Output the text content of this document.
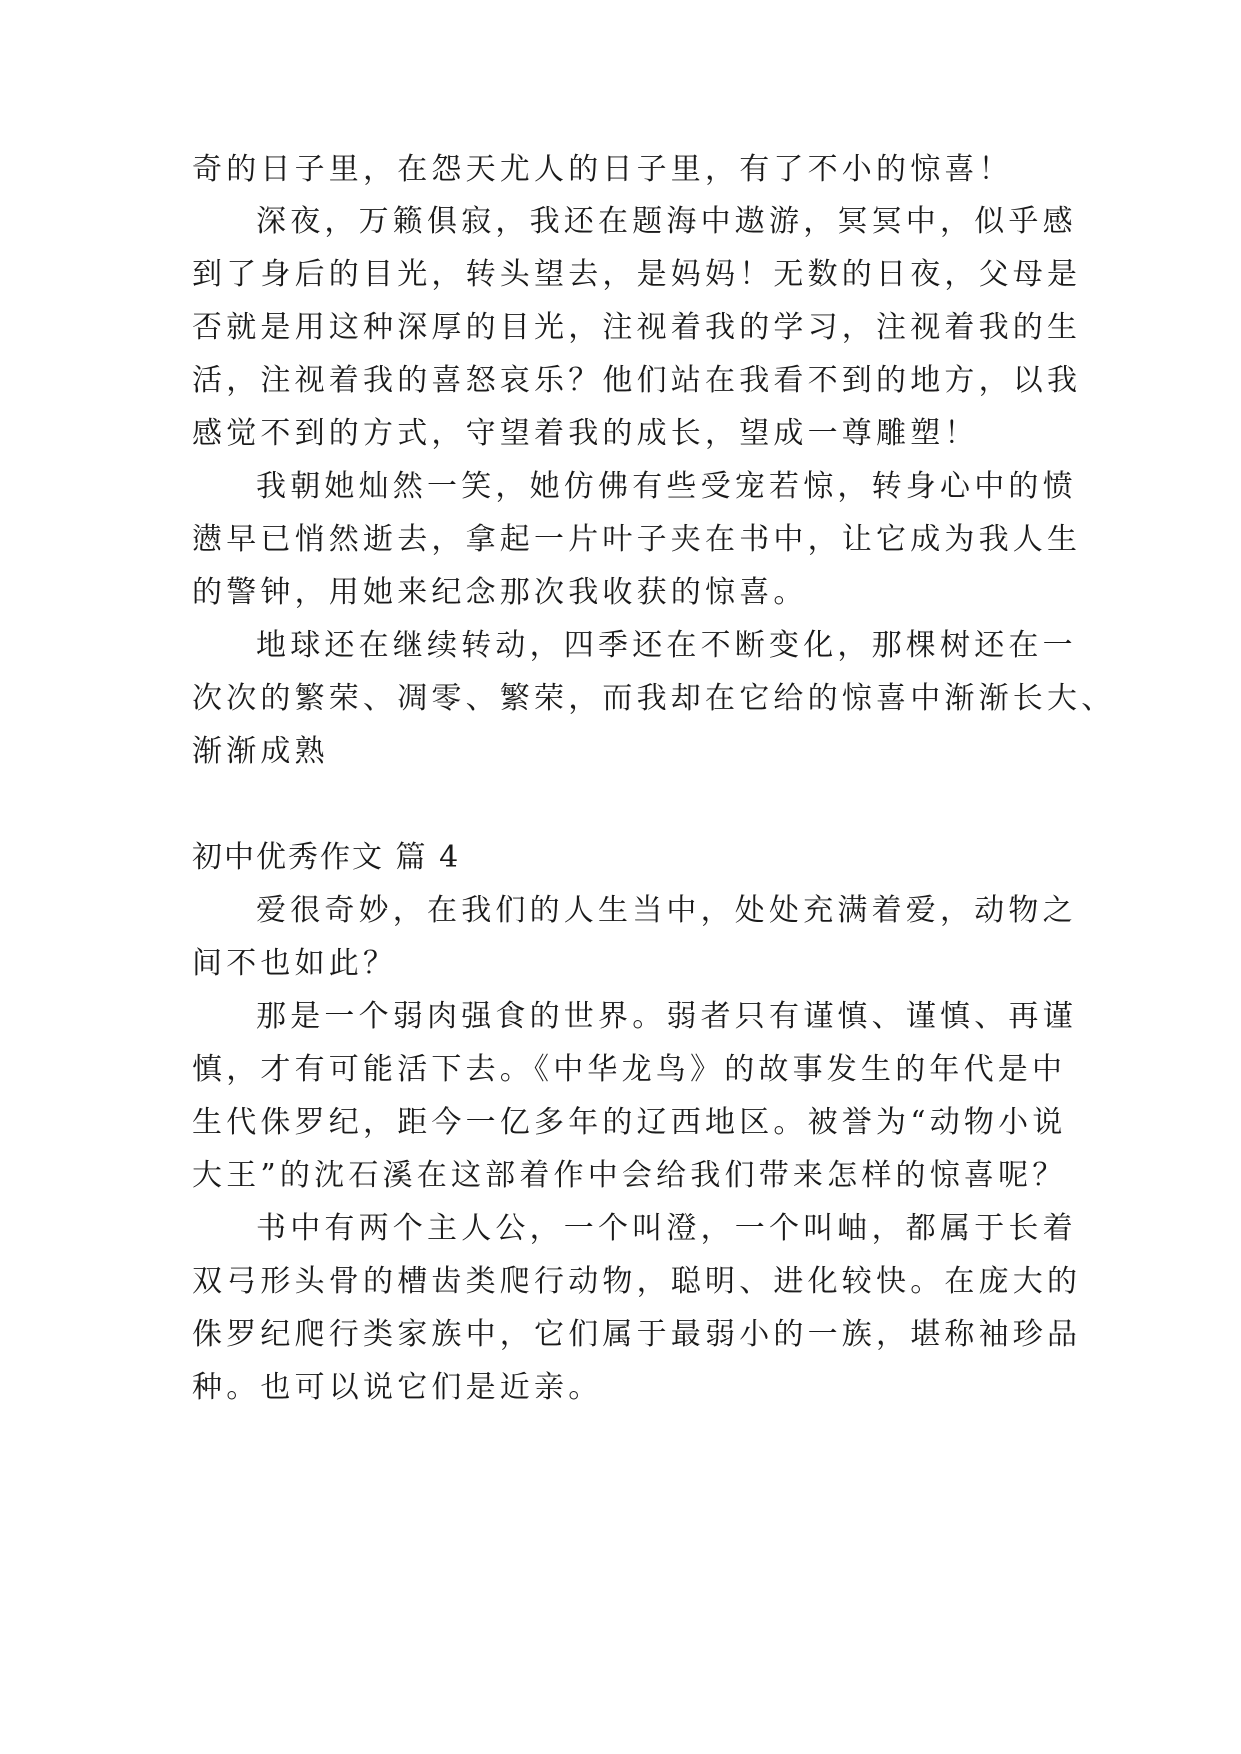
奇的日子里，在怨天尤人的日子里，有了不小的惊喜！
深夜，万籁俱寂，我还在题海中遨游，冥冥中，似乎感
到了身后的目光，转头望去，是妈妈！无数的日夜，父母是
否就是用这种深厚的目光，注视着我的学习，注视着我的生
活，注视着我的喜怒哀乐？他们站在我看不到的地方，以我
感觉不到的方式，守望着我的成长，望成一尊雕塑！
我朝她灿然一笑，她仿佛有些受宠若惊，转身心中的愤
懑早已悄然逝去，拿起一片叶子夹在书中，让它成为我人生
的警钟，用她来纪念那次我收获的惊喜。
地球还在继续转动，四季还在不断变化，那棵树还在一
次次的繁荣、凋零、繁荣，而我却在它给的惊喜中渐渐长大、
渐渐成熟
初中优秀作文 篇 4
爱很奇妙，在我们的人生当中，处处充满着爱，动物之
间不也如此？
那是一个弱肉强食的世界。弱者只有谨慎、谨慎、再谨
慎，才有可能活下去。《中华龙鸟》的故事发生的年代是中
生代侏罗纪，距今一亿多年的辽西地区。被誉为“动物小说
大王”的沈石溪在这部着作中会给我们带来怎样的惊喜呢？
书中有两个主人公，一个叫澄，一个叫岫，都属于长着
双弓形头骨的槽齿类爬行动物，聪明、进化较快。在庞大的
侏罗纪爬行类家族中，它们属于最弱小的一族，堪称袖珍品
种。也可以说它们是近亲。
